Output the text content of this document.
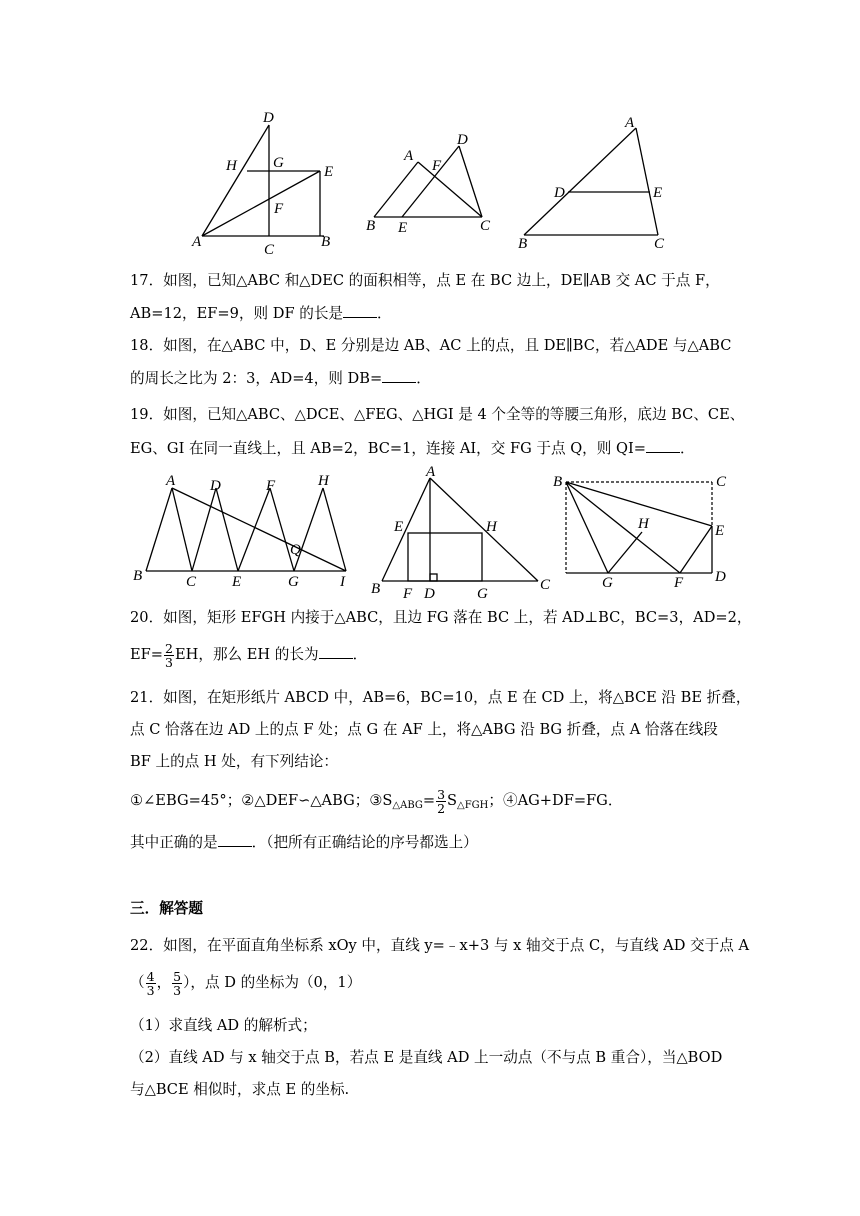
D
H G
E
F
A	C	B
A
D
F
B E	C
A
D	E
B	C
17．如图，已知△ABC 和△DEC 的面积相等，点 E 在 BC 边上，DE∥AB 交 AC 于点 F，
AB=12，EF=9，则 DF 的长是 ．
18．如图，在△ABC 中，D、E 分别是边 AB、AC 上的点，且 DE∥BC，若△ADE 与△ABC
的周长之比为 2：3，AD=4，则 DB= ．
19．如图，已知△ABC、△DCE、△FEG、△HGI 是 4 个全等的等腰三角形，底边 BC、CE、
EG、GI 在同一直线上，且 AB=2，BC=1，连接 AI，交 FG 于点 Q，则 QI= ．
A D	F	H
Q
B	C E	G	I
A
E	H
B F D	G
C
B	C
H	E
G	F D
20．如图，矩形 EFGH 内接于△ABC，且边 FG 落在 BC 上，若 AD⊥BC，BC=3，AD=2，
$EF= \frac{2}{3}$ EH，那么 EH 的长为 ．
21．如图，在矩形纸片 ABCD 中，AB=6，BC=10，点 E 在 CD 上，将△BCE 沿 BE 折叠，
点 C 恰落在边 AD 上的点 F 处；点 G 在 AF 上，将△ABG 沿 BG 折叠，点 A 恰落在线段
BF 上的点 H 处，有下列结论：
①∠EBG=45°；②△DEF∽△ABG；$③S_{\triangle ABG}= \frac{3}{2} S_{\triangle FGH}$；④AG+DF=FG．
其中正确的是 ．（把所有正确结论的序号都选上）
三．解答题
22．如图，在平面直角坐标系 xOy 中，直线 y=﹣x+3 与 x 轴交于点 C，与直线 AD 交于点 A
（ $\frac{4}{3}$ ， $\frac{5}{3}$ ），点 D 的坐标为（0，1）
（1）求直线 AD 的解析式；
（2）直线 AD 与 x 轴交于点 B，若点 E 是直线 AD 上一动点（不与点 B 重合），当△BOD
与△BCE 相似时，求点 E 的坐标.
